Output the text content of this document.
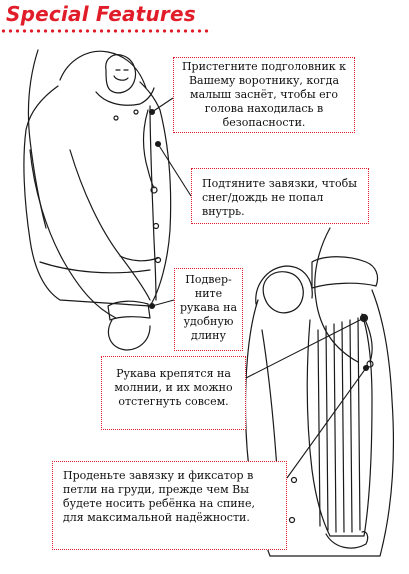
Special Features
Пристегните подголовник к Вашему воротнику, когда малыш заснёт, чтобы его голова находилась в безопасности.
Подтяните завязки, чтобы снег/дождь не попал внутрь.
Подвер-ните рукава на удобную длину
Рукава крепятся на молнии, и их можно отстегнуть совсем.
Проденьте завязку и фиксатор в петли на груди, прежде чем Вы будете носить ребёнка на спине, для максимальной надёжности.
